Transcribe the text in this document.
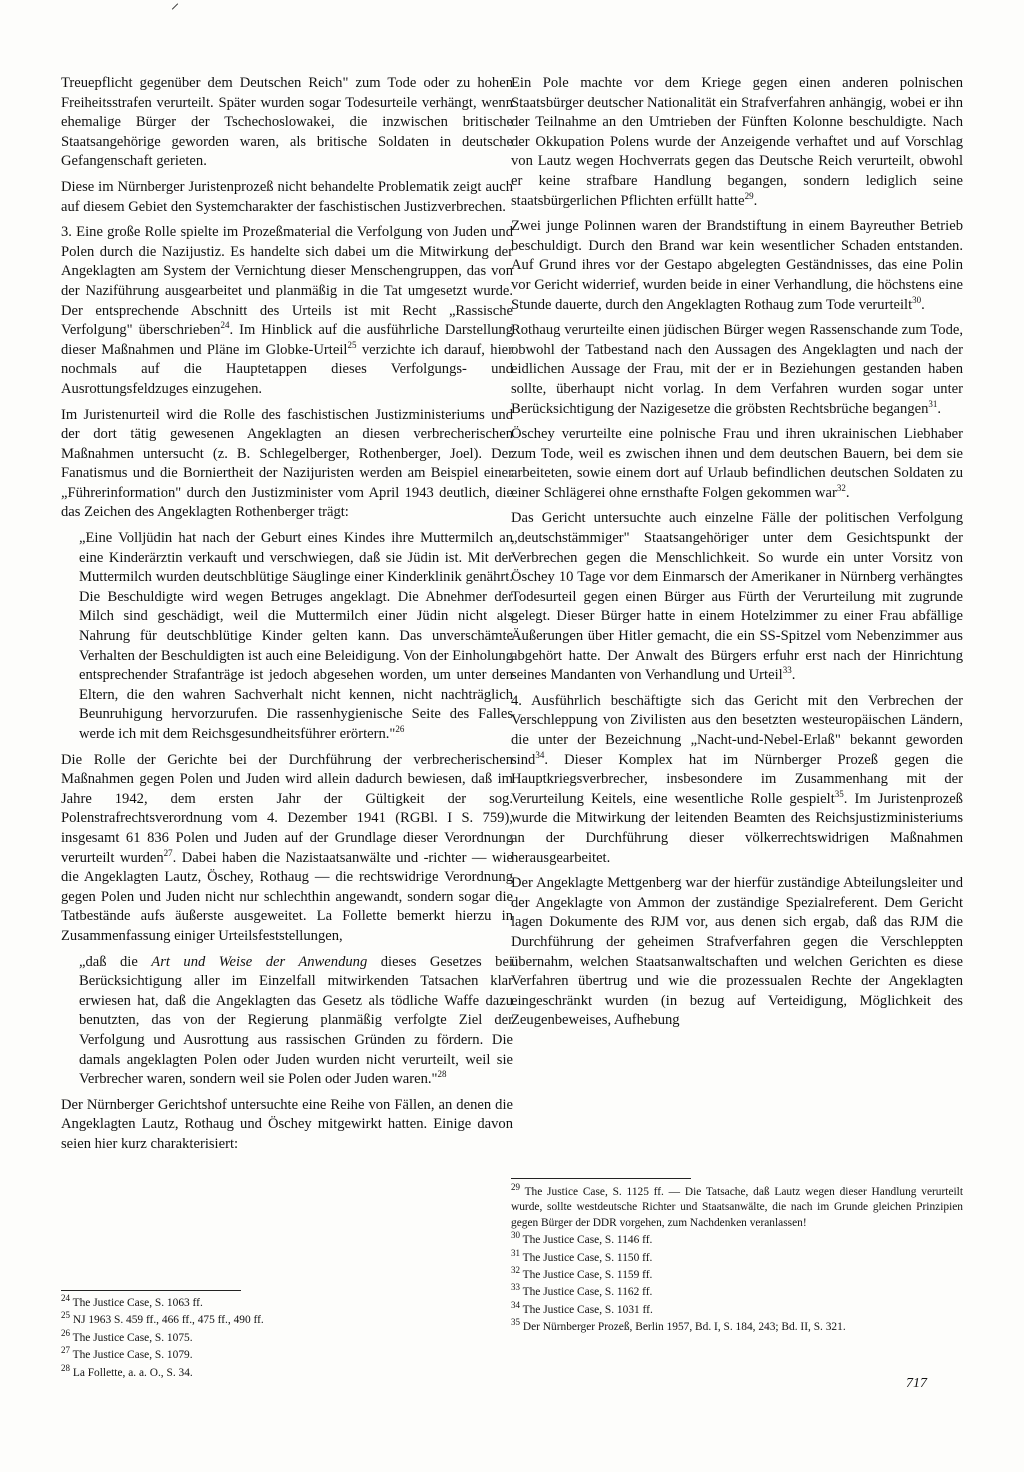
Treuepflicht gegenüber dem Deutschen Reich" zum Tode oder zu hohen Freiheitsstrafen verurteilt. Später wurden sogar Todesurteile verhängt, wenn ehemalige Bürger der Tschechoslowakei, die inzwischen britische Staatsangehörige geworden waren, als britische Soldaten in deutsche Gefangenschaft gerieten.

Diese im Nürnberger Juristenprozeß nicht behandelte Problematik zeigt auch auf diesem Gebiet den Systemcharakter der faschistischen Justizverbrechen.

3. Eine große Rolle spielte im Prozeßmaterial die Verfolgung von Juden und Polen durch die Nazijustiz. Es handelte sich dabei um die Mitwirkung der Angeklagten am System der Vernichtung dieser Menschengruppen, das von der Naziführung ausgearbeitet und planmäßig in die Tat umgesetzt wurde. Der entsprechende Abschnitt des Urteils ist mit Recht „Rassische Verfolgung" überschrieben$^{24}$. Im Hinblick auf die ausführliche Darstellung dieser Maßnahmen und Pläne im Globke-Urteil$^{25}$ verzichte ich darauf, hier nochmals auf die Hauptetappen dieses Verfolgungs- und Ausrottungsfeldzuges einzugehen.

Im Juristenurteil wird die Rolle des faschistischen Justizministeriums und der dort tätig gewesenen Angeklagten an diesen verbrecherischen Maßnahmen untersucht (z. B. Schlegelberger, Rothenberger, Joel). Der Fanatismus und die Borniertheit der Nazijuristen werden am Beispiel einer „Führerinformation" durch den Justizminister vom April 1943 deutlich, die das Zeichen des Angeklagten Rothenberger trägt:

„Eine Volljüdin hat nach der Geburt eines Kindes ihre Muttermilch an eine Kinderärztin verkauft und verschwiegen, daß sie Jüdin ist. Mit der Muttermilch wurden deutschblütige Säuglinge einer Kinderklinik genährt. Die Beschuldigte wird wegen Betruges angeklagt. Die Abnehmer der Milch sind geschädigt, weil die Muttermilch einer Jüdin nicht als Nahrung für deutschblütige Kinder gelten kann. Das unverschämte Verhalten der Beschuldigten ist auch eine Beleidigung. Von der Einholung entsprechender Strafanträge ist jedoch abgesehen worden, um unter den Eltern, die den wahren Sachverhalt nicht kennen, nicht nachträglich Beunruhigung hervorzurufen. Die rassenhygienische Seite des Falles werde ich mit dem Reichsgesundheitsführer erörtern."$^{26}$

Die Rolle der Gerichte bei der Durchführung der verbrecherischen Maßnahmen gegen Polen und Juden wird allein dadurch bewiesen, daß im Jahre 1942, dem ersten Jahr der Gültigkeit der sog. Polenstrafrechtsverordnung vom 4. Dezember 1941 (RGBl. I S. 759), insgesamt 61 836 Polen und Juden auf der Grundlage dieser Verordnung verurteilt wurden$^{27}$. Dabei haben die Nazistaatsanwälte und -richter — wie die Angeklagten Lautz, Öschey, Rothaug — die rechtswidrige Verordnung gegen Polen und Juden nicht nur schlechthin angewandt, sondern sogar die Tatbestände aufs äußerste ausgeweitet. La Follette bemerkt hierzu in Zusammenfassung einiger Urteilsfeststellungen,

„daß die Art und Weise der Anwendung dieses Gesetzes bei Berücksichtigung aller im Einzelfall mitwirkenden Tatsachen klar erwiesen hat, daß die Angeklagten das Gesetz als tödliche Waffe dazu benutzten, das von der Regierung planmäßig verfolgte Ziel der Verfolgung und Ausrottung aus rassischen Gründen zu fördern. Die damals angeklagten Polen oder Juden wurden nicht verurteilt, weil sie Verbrecher waren, sondern weil sie Polen oder Juden waren."$^{28}$

Der Nürnberger Gerichtshof untersuchte eine Reihe von Fällen, an denen die Angeklagten Lautz, Rothaug und Öschey mitgewirkt hatten. Einige davon seien hier kurz charakterisiert:

Ein Pole machte vor dem Kriege gegen einen anderen polnischen Staatsbürger deutscher Nationalität ein Strafverfahren anhängig, wobei er ihn der Teilnahme an den Umtrieben der Fünften Kolonne beschuldigte. Nach der Okkupation Polens wurde der Anzeigende verhaftet und auf Vorschlag von Lautz wegen Hochverrats gegen das Deutsche Reich verurteilt, obwohl er keine strafbare Handlung begangen, sondern lediglich seine staatsbürgerlichen Pflichten erfüllt hatte$^{29}$.

Zwei junge Polinnen waren der Brandstiftung in einem Bayreuther Betrieb beschuldigt. Durch den Brand war kein wesentlicher Schaden entstanden. Auf Grund ihres vor der Gestapo abgelegten Geständnisses, das eine Polin vor Gericht widerrief, wurden beide in einer Verhandlung, die höchstens eine Stunde dauerte, durch den Angeklagten Rothaug zum Tode verurteilt$^{30}$.

Rothaug verurteilte einen jüdischen Bürger wegen Rassenschande zum Tode, obwohl der Tatbestand nach den Aussagen des Angeklagten und nach der eidlichen Aussage der Frau, mit der er in Beziehungen gestanden haben sollte, überhaupt nicht vorlag. In dem Verfahren wurden sogar unter Berücksichtigung der Nazigesetze die gröbsten Rechtsbrüche begangen$^{31}$.

Öschey verurteilte eine polnische Frau und ihren ukrainischen Liebhaber zum Tode, weil es zwischen ihnen und dem deutschen Bauern, bei dem sie arbeiteten, sowie einem dort auf Urlaub befindlichen deutschen Soldaten zu einer Schlägerei ohne ernsthafte Folgen gekommen war$^{32}$.

Das Gericht untersuchte auch einzelne Fälle der politischen Verfolgung „deutschstämmiger" Staatsangehöriger unter dem Gesichtspunkt der Verbrechen gegen die Menschlichkeit. So wurde ein unter Vorsitz von Öschey 10 Tage vor dem Einmarsch der Amerikaner in Nürnberg verhängtes Todesurteil gegen einen Bürger aus Fürth der Verurteilung mit zugrunde gelegt. Dieser Bürger hatte in einem Hotelzimmer zu einer Frau abfällige Äußerungen über Hitler gemacht, die ein SS-Spitzel vom Nebenzimmer aus abgehört hatte. Der Anwalt des Bürgers erfuhr erst nach der Hinrichtung seines Mandanten von Verhandlung und Urteil$^{33}$.

4. Ausführlich beschäftigte sich das Gericht mit den Verbrechen der Verschleppung von Zivilisten aus den besetzten westeuropäischen Ländern, die unter der Bezeichnung „Nacht-und-Nebel-Erlaß" bekannt geworden sind$^{34}$. Dieser Komplex hat im Nürnberger Prozeß gegen die Hauptkriegsverbrecher, insbesondere im Zusammenhang mit der Verurteilung Keitels, eine wesentliche Rolle gespielt$^{35}$. Im Juristenprozeß wurde die Mitwirkung der leitenden Beamten des Reichsjustizministeriums an der Durchführung dieser völkerrechtswidrigen Maßnahmen herausgearbeitet.

Der Angeklagte Mettgenberg war der hierfür zuständige Abteilungsleiter und der Angeklagte von Ammon der zuständige Spezialreferent. Dem Gericht lagen Dokumente des RJM vor, aus denen sich ergab, daß das RJM die Durchführung der geheimen Strafverfahren gegen die Verschleppten übernahm, welchen Staatsanwaltschaften und welchen Gerichten es diese Verfahren übertrug und wie die prozessualen Rechte der Angeklagten eingeschränkt wurden (in bezug auf Verteidigung, Möglichkeit des Zeugenbeweises, Aufhebung

$^{24}$ The Justice Case, S. 1063 ff.
$^{25}$ NJ 1963 S. 459 ff., 466 ff., 475 ff., 490 ff.
$^{26}$ The Justice Case, S. 1075.
$^{27}$ The Justice Case, S. 1079.
$^{28}$ La Follette, a. a. O., S. 34.
$^{29}$ The Justice Case, S. 1125 ff. — Die Tatsache, daß Lautz wegen dieser Handlung verurteilt wurde, sollte westdeutsche Richter und Staatsanwälte, die nach im Grunde gleichen Prinzipien gegen Bürger der DDR vorgehen, zum Nachdenken veranlassen!
$^{30}$ The Justice Case, S. 1146 ff.
$^{31}$ The Justice Case, S. 1150 ff.
$^{32}$ The Justice Case, S. 1159 ff.
$^{33}$ The Justice Case, S. 1162 ff.
$^{34}$ The Justice Case, S. 1031 ff.
$^{35}$ Der Nürnberger Prozeß, Berlin 1957, Bd. I, S. 184, 243; Bd. II, S. 321.
717
